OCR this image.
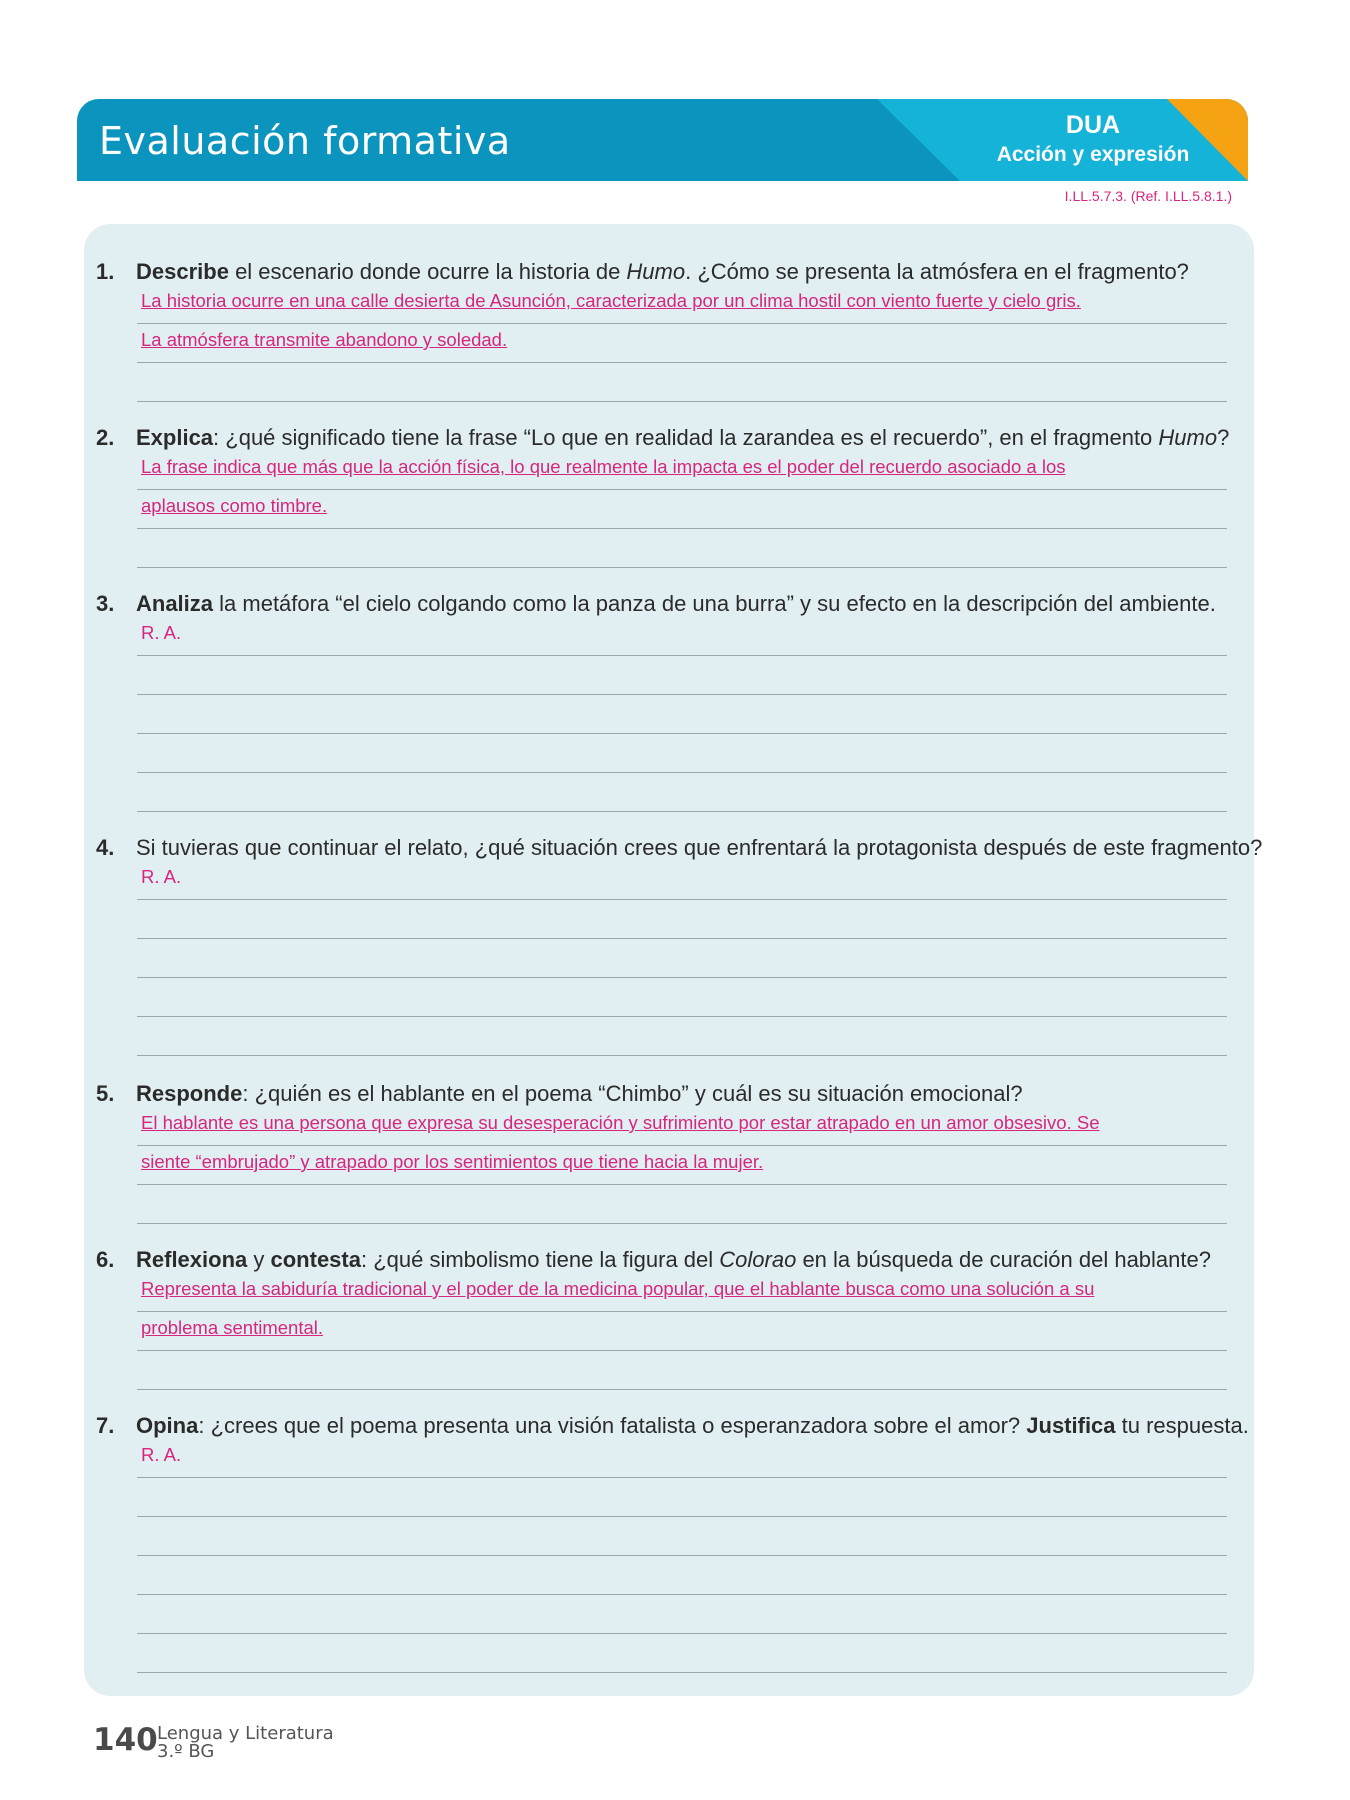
Evaluación formativa	DUA
Acción y expresión
I.LL.5.7.3. (Ref. I.LL.5.8.1.)
1. Describe el escenario donde ocurre la historia de Humo. ¿Cómo se presenta la atmósfera en el fragmento?
La historia ocurre en una calle desierta de Asunción, caracterizada por un clima hostil con viento fuerte y cielo gris.
La atmósfera transmite abandono y soledad.
2. Explica: ¿qué significado tiene la frase “Lo que en realidad la zarandea es el recuerdo”, en el fragmento Humo?
La frase indica que más que la acción física, lo que realmente la impacta es el poder del recuerdo asociado a los
aplausos como timbre.
3. Analiza la metáfora “el cielo colgando como la panza de una burra” y su efecto en la descripción del ambiente.
R. A.
4. Si tuvieras que continuar el relato, ¿qué situación crees que enfrentará la protagonista después de este fragmento?
R. A.
5. Responde: ¿quién es el hablante en el poema “Chimbo” y cuál es su situación emocional?
El hablante es una persona que expresa su desesperación y sufrimiento por estar atrapado en un amor obsesivo. Se
siente “embrujado” y atrapado por los sentimientos que tiene hacia la mujer.
6. Reflexiona y contesta: ¿qué simbolismo tiene la figura del Colorao en la búsqueda de curación del hablante?
Representa la sabiduría tradicional y el poder de la medicina popular, que el hablante busca como una solución a su
problema sentimental.
7. Opina: ¿crees que el poema presenta una visión fatalista o esperanzadora sobre el amor? Justifica tu respuesta.
R. A.
140 Lengua y Literatura
3.º BG
